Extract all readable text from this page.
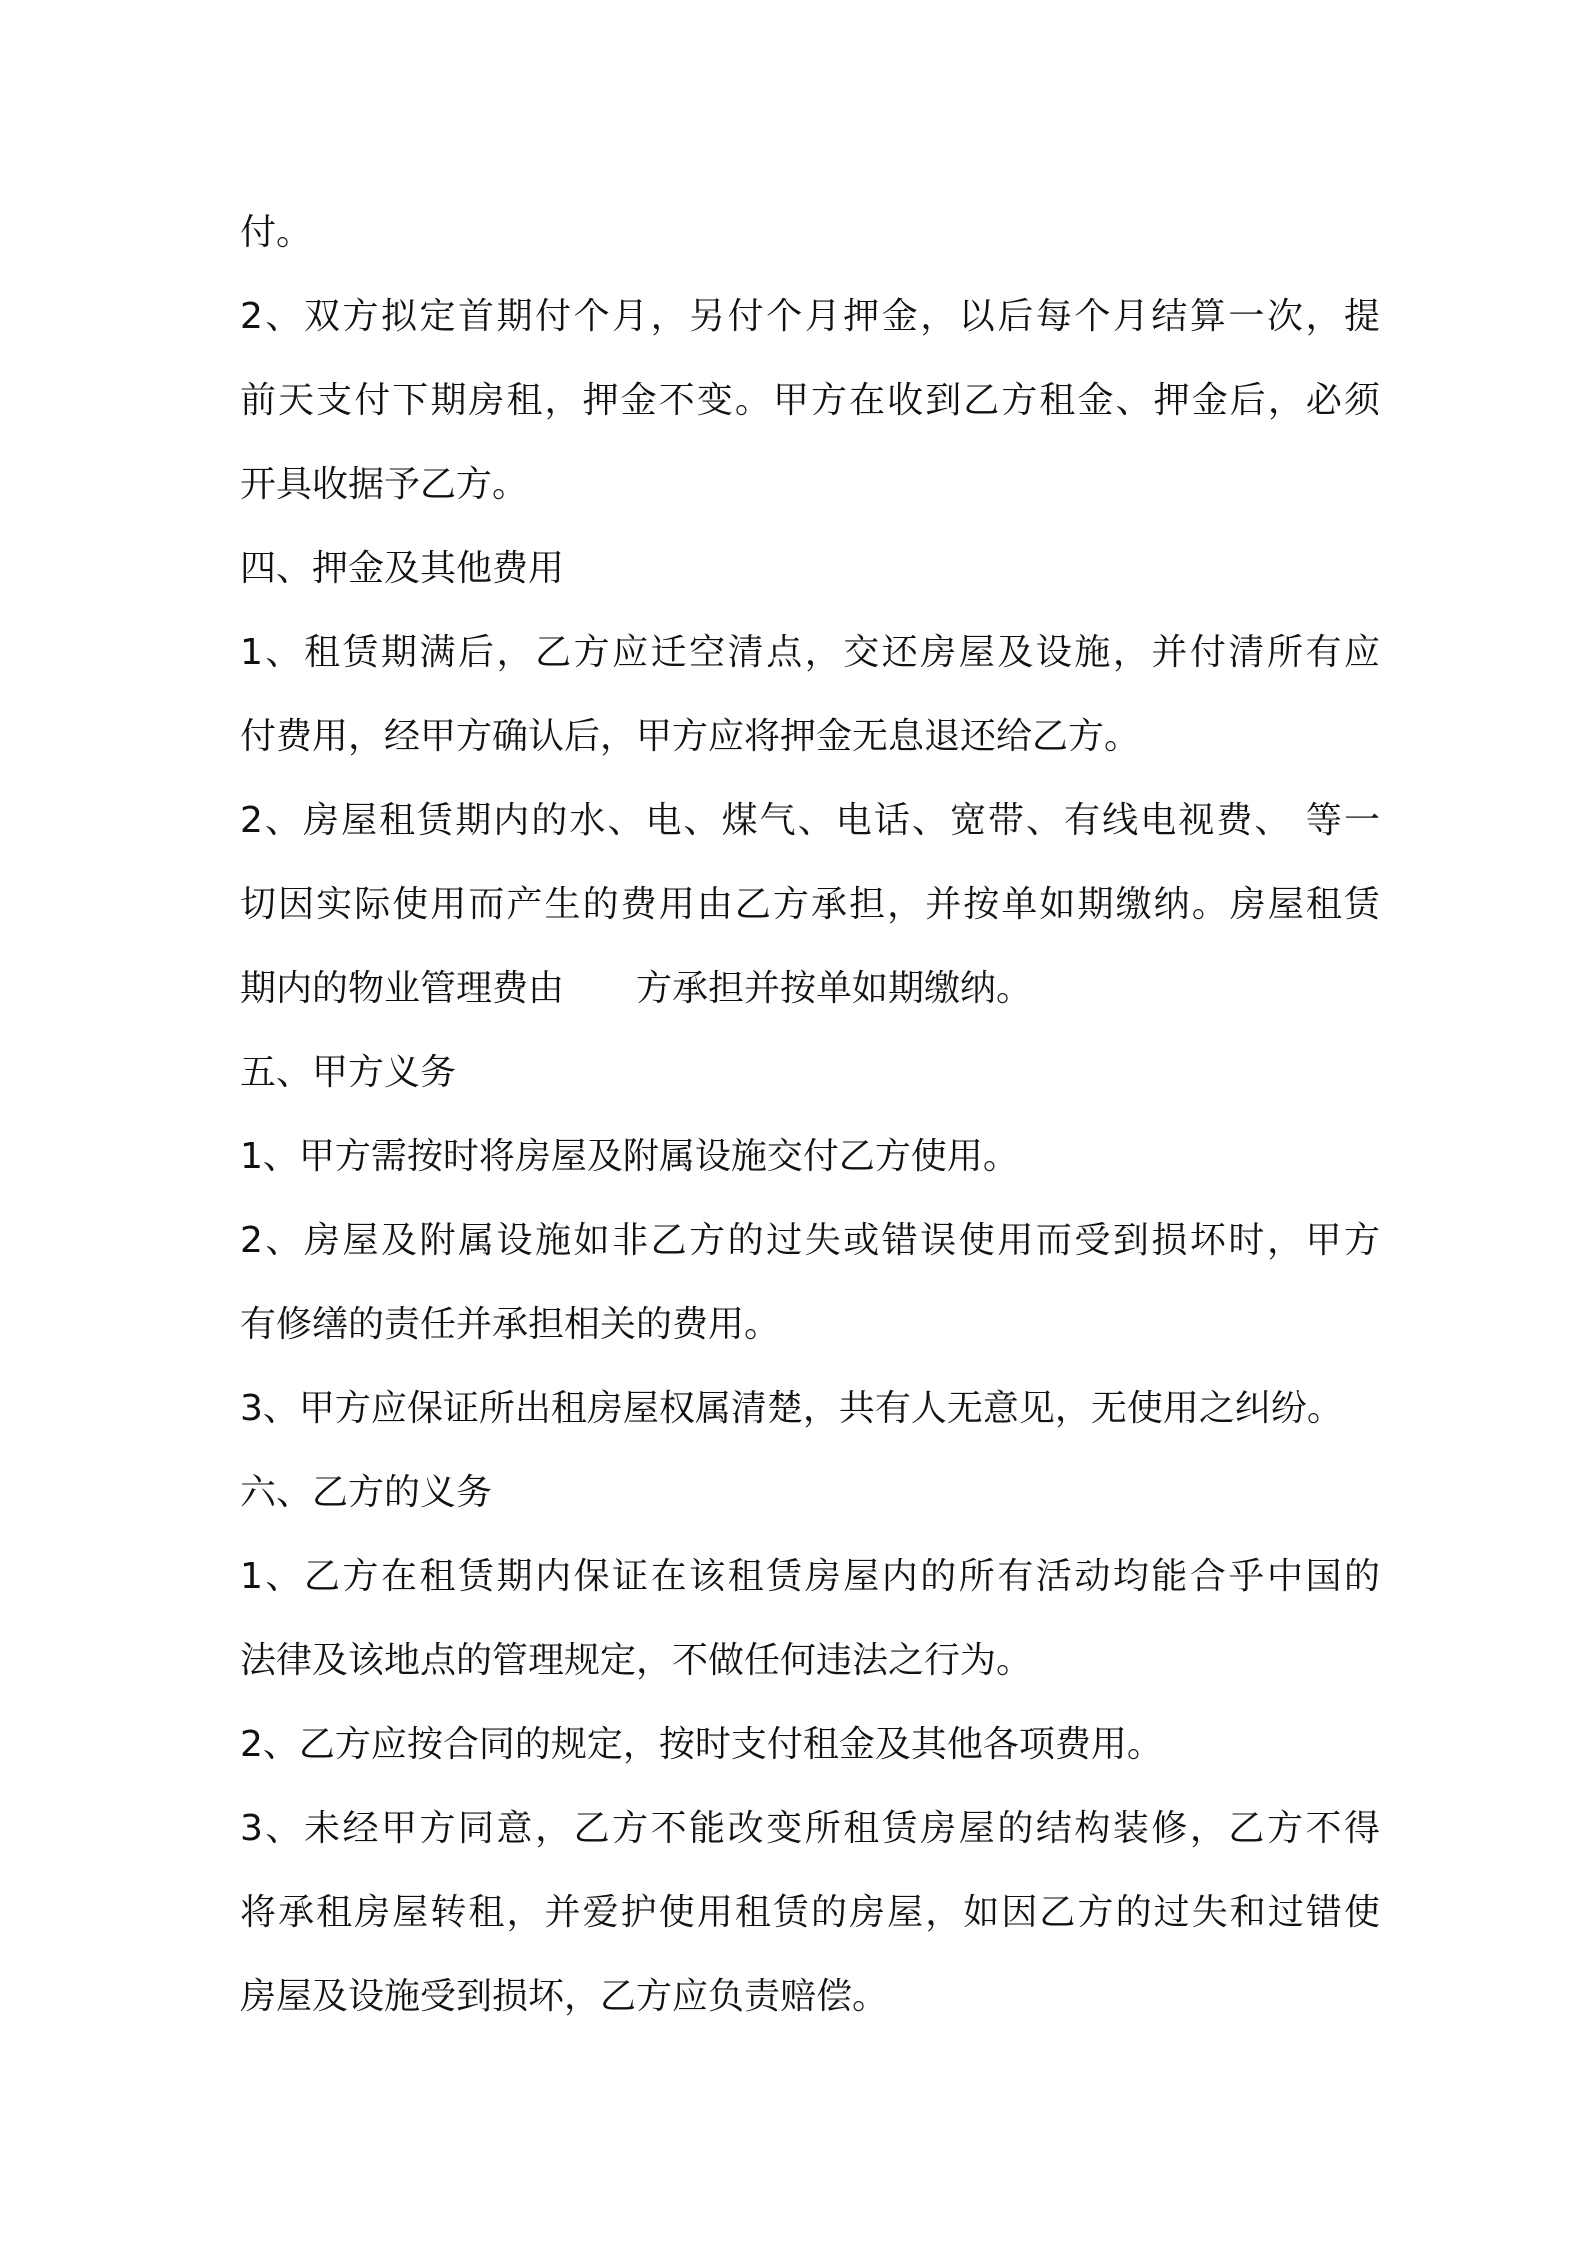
付。
2、双方拟定首期付个月，另付个月押金，以后每个月结算一次，提
前天支付下期房租，押金不变。甲方在收到乙方租金、押金后，必须
开具收据予乙方。
四、押金及其他费用
1、租赁期满后，乙方应迁空清点，交还房屋及设施，并付清所有应
付费用，经甲方确认后，甲方应将押金无息退还给乙方。
2、房屋租赁期内的水、电、煤气、电话、宽带、有线电视费、 等一
切因实际使用而产生的费用由乙方承担，并按单如期缴纳。房屋租赁
期内的物业管理费由　　方承担并按单如期缴纳。
五、甲方义务
1、甲方需按时将房屋及附属设施交付乙方使用。
2、房屋及附属设施如非乙方的过失或错误使用而受到损坏时，甲方
有修缮的责任并承担相关的费用。
3、甲方应保证所出租房屋权属清楚，共有人无意见，无使用之纠纷。
六、乙方的义务
1、乙方在租赁期内保证在该租赁房屋内的所有活动均能合乎中国的
法律及该地点的管理规定，不做任何违法之行为。
2、乙方应按合同的规定，按时支付租金及其他各项费用。
3、未经甲方同意，乙方不能改变所租赁房屋的结构装修，乙方不得
将承租房屋转租，并爱护使用租赁的房屋，如因乙方的过失和过错使
房屋及设施受到损坏，乙方应负责赔偿。
